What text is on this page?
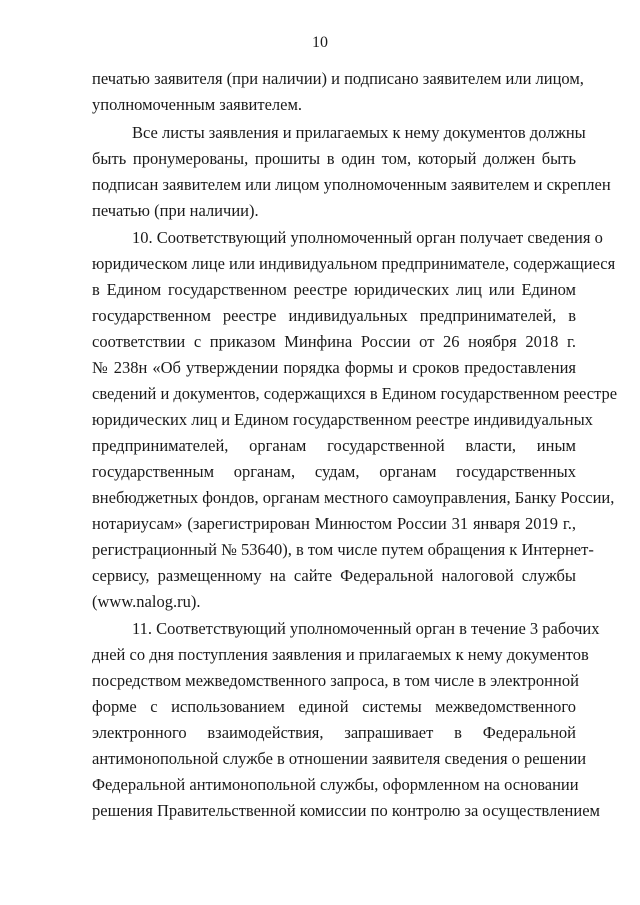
10
печатью заявителя (при наличии) и подписано заявителем или лицом,
уполномоченным заявителем.
Все листы заявления и прилагаемых к нему документов должны
быть пронумерованы, прошиты в один том, который должен быть
подписан заявителем или лицом уполномоченным заявителем и скреплен
печатью (при наличии).
10. Соответствующий уполномоченный орган получает сведения о
юридическом лице или индивидуальном предпринимателе, содержащиеся
в Едином государственном реестре юридических лиц или Едином
государственном реестре индивидуальных предпринимателей, в
соответствии с приказом Минфина России от 26 ноября 2018 г.
№ 238н «Об утверждении порядка формы и сроков предоставления
сведений и документов, содержащихся в Едином государственном реестре
юридических лиц и Едином государственном реестре индивидуальных
предпринимателей, органам государственной власти, иным
государственным органам, судам, органам государственных
внебюджетных фондов, органам местного самоуправления, Банку России,
нотариусам» (зарегистрирован Минюстом России 31 января 2019 г.,
регистрационный № 53640), в том числе путем обращения к Интернет-
сервису, размещенному на сайте Федеральной налоговой службы
(www.nalog.ru).
11. Соответствующий уполномоченный орган в течение 3 рабочих
дней со дня поступления заявления и прилагаемых к нему документов
посредством межведомственного запроса, в том числе в электронной
форме с использованием единой системы межведомственного
электронного взаимодействия, запрашивает в Федеральной
антимонопольной службе в отношении заявителя сведения о решении
Федеральной антимонопольной службы, оформленном на основании
решения Правительственной комиссии по контролю за осуществлением
